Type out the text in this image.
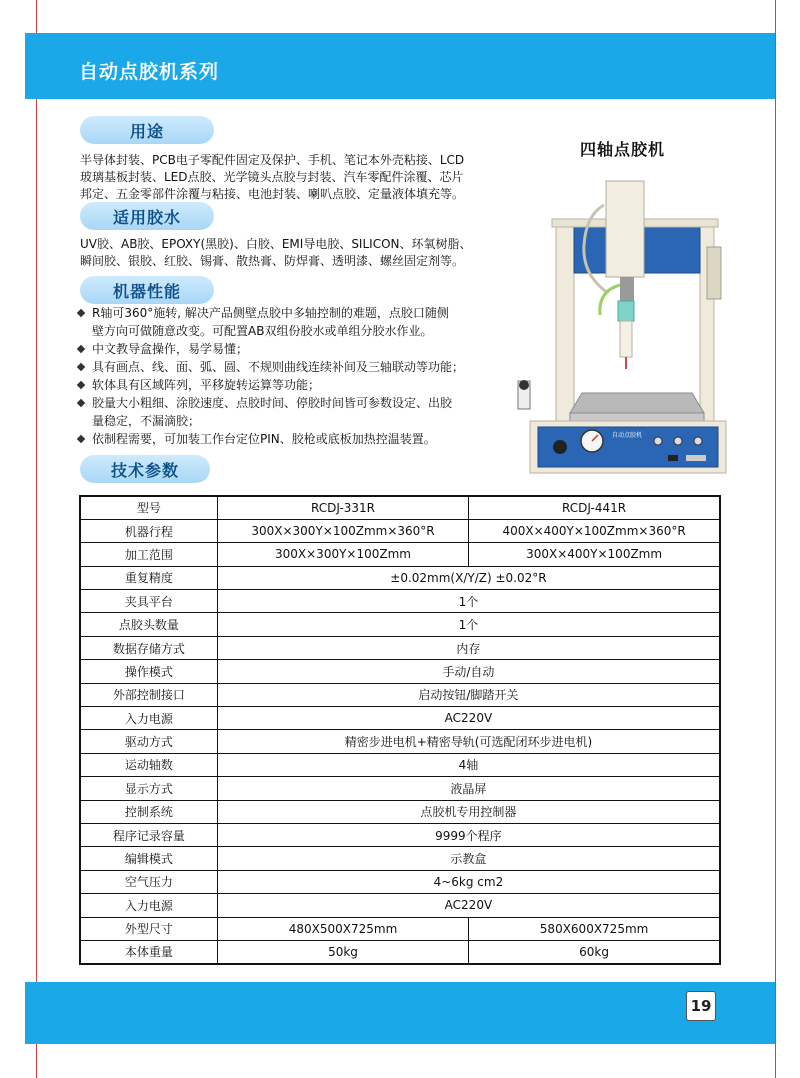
自动点胶机系列
用途
半导体封装、PCB电子零配件固定及保护、手机、笔记本外壳粘接、LCD
玻璃基板封装、LED点胶、光学镜头点胶与封装、汽车零配件涂覆、芯片
邦定、五金零部件涂覆与粘接、电池封装、喇叭点胶、定量液体填充等。
适用胶水
UV胶、AB胶、EPOXY(黑胶)、白胶、EMI导电胶、SILICON、环氧树脂、
瞬间胶、银胶、红胶、锡膏、散热膏、防焊膏、透明漆、螺丝固定剂等。
机器性能
R轴可360°施转, 解决产品侧壁点胶中多轴控制的难题，点胶口随侧
壁方向可做随意改变。可配置AB双组份胶水或单组分胶水作业。
中文教导盒操作，易学易懂；
具有画点、线、面、弧、圆、不规则曲线连续补间及三轴联动等功能；
软体具有区域阵列，平移旋转运算等功能；
胶量大小粗细、涂胶速度、点胶时间、停胶时间皆可参数设定、出胶
量稳定，不漏滴胶；
依制程需要，可加装工作台定位PIN、胶枪或底板加热控温装置。
四轴点胶机
自动点胶机
技术参数
型号	RCDJ-331R	RCDJ-441R
机器行程	300X×300Y×100Zmm×360°R	400X×400Y×100Zmm×360°R
加工范围	300X×300Y×100Zmm	300X×400Y×100Zmm
重复精度	±0.02mm(X/Y/Z) ±0.02°R	
夹具平台	1个	
点胶头数量	1个	
数据存储方式	内存	
操作模式	手动/自动	
外部控制接口	启动按钮/脚踏开关	
入力电源	AC220V	
驱动方式	精密步进电机+精密导轨(可选配闭环步进电机)	
运动轴数	4轴	
显示方式	液晶屏	
控制系统	点胶机专用控制器	
程序记录容量	9999个程序	
编辑模式	示教盒	
空气压力	4~6kg cm2	
入力电源	AC220V	
外型尺寸	480X500X725mm	580X600X725mm
本体重量	50kg	60kg
19
